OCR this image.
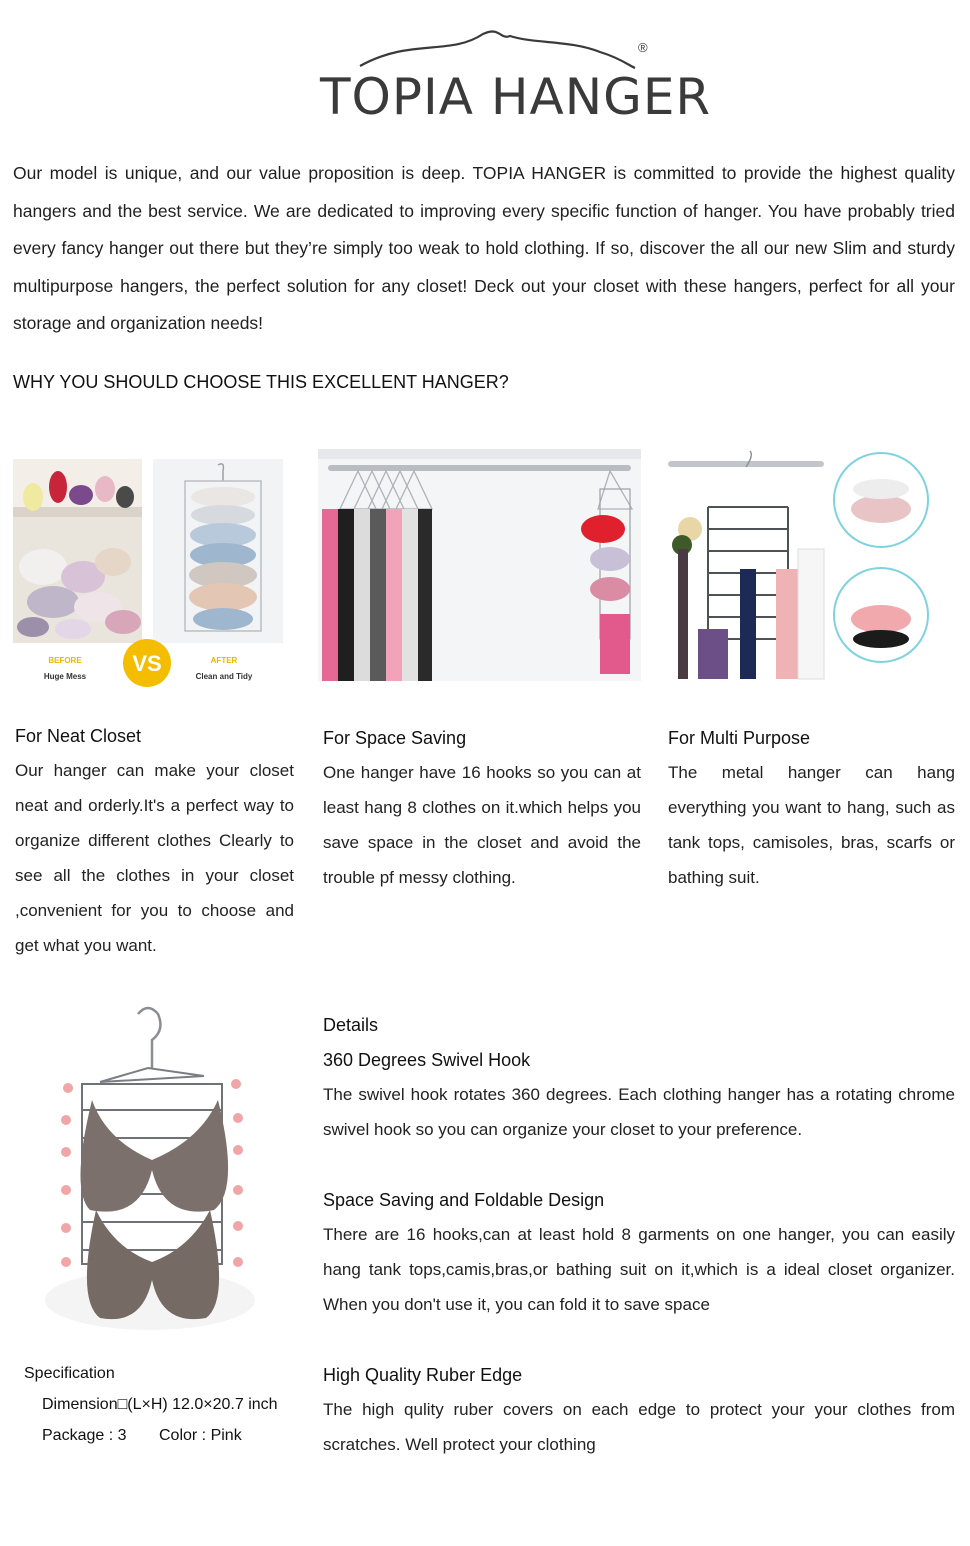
TOPIA HANGER
®
Our model is unique, and our value proposition is deep. TOPIA HANGER is committed to provide the highest quality hangers and the best service. We are dedicated to improving every specific function of hanger. You have probably tried every fancy hanger out there but they’re simply too weak to hold clothing. If so, discover the all our new Slim and sturdy multipurpose hangers, the perfect solution for any closet! Deck out your closet with these hangers, perfect for all your storage and organization needs!
WHY YOU SHOULD CHOOSE THIS EXCELLENT HANGER?
BEFORE
Huge Mess
VS	AFTER
Clean and Tidy
For Neat Closet
Our hanger can make your closet neat and orderly.It's a perfect way to organize different clothes Clearly to see all the clothes in your closet ,convenient for you to choose and get what you want.
For Space Saving
One hanger have 16 hooks so you can at least hang 8 clothes on it.which helps you save space in the closet and avoid the trouble pf messy clothing.
For Multi Purpose
The metal hanger can hang everything you want to hang, such as tank tops, camisoles, bras, scarfs or bathing suit.
Specification
Dimension□(L×H) 12.0×20.7 inch
Package : 3 Color : Pink
Details
360 Degrees Swivel Hook
The swivel hook rotates 360 degrees. Each clothing hanger has a rotating chrome swivel hook so you can organize your closet to your preference.
Space Saving and Foldable Design
There are 16 hooks,can at least hold 8 garments on one hanger, you can easily hang tank tops,camis,bras,or bathing suit on it,which is a ideal closet organizer. When you don't use it, you can fold it to save space
High Quality Ruber Edge
The high qulity ruber covers on each edge to protect your your clothes from scratches. Well protect your clothing
